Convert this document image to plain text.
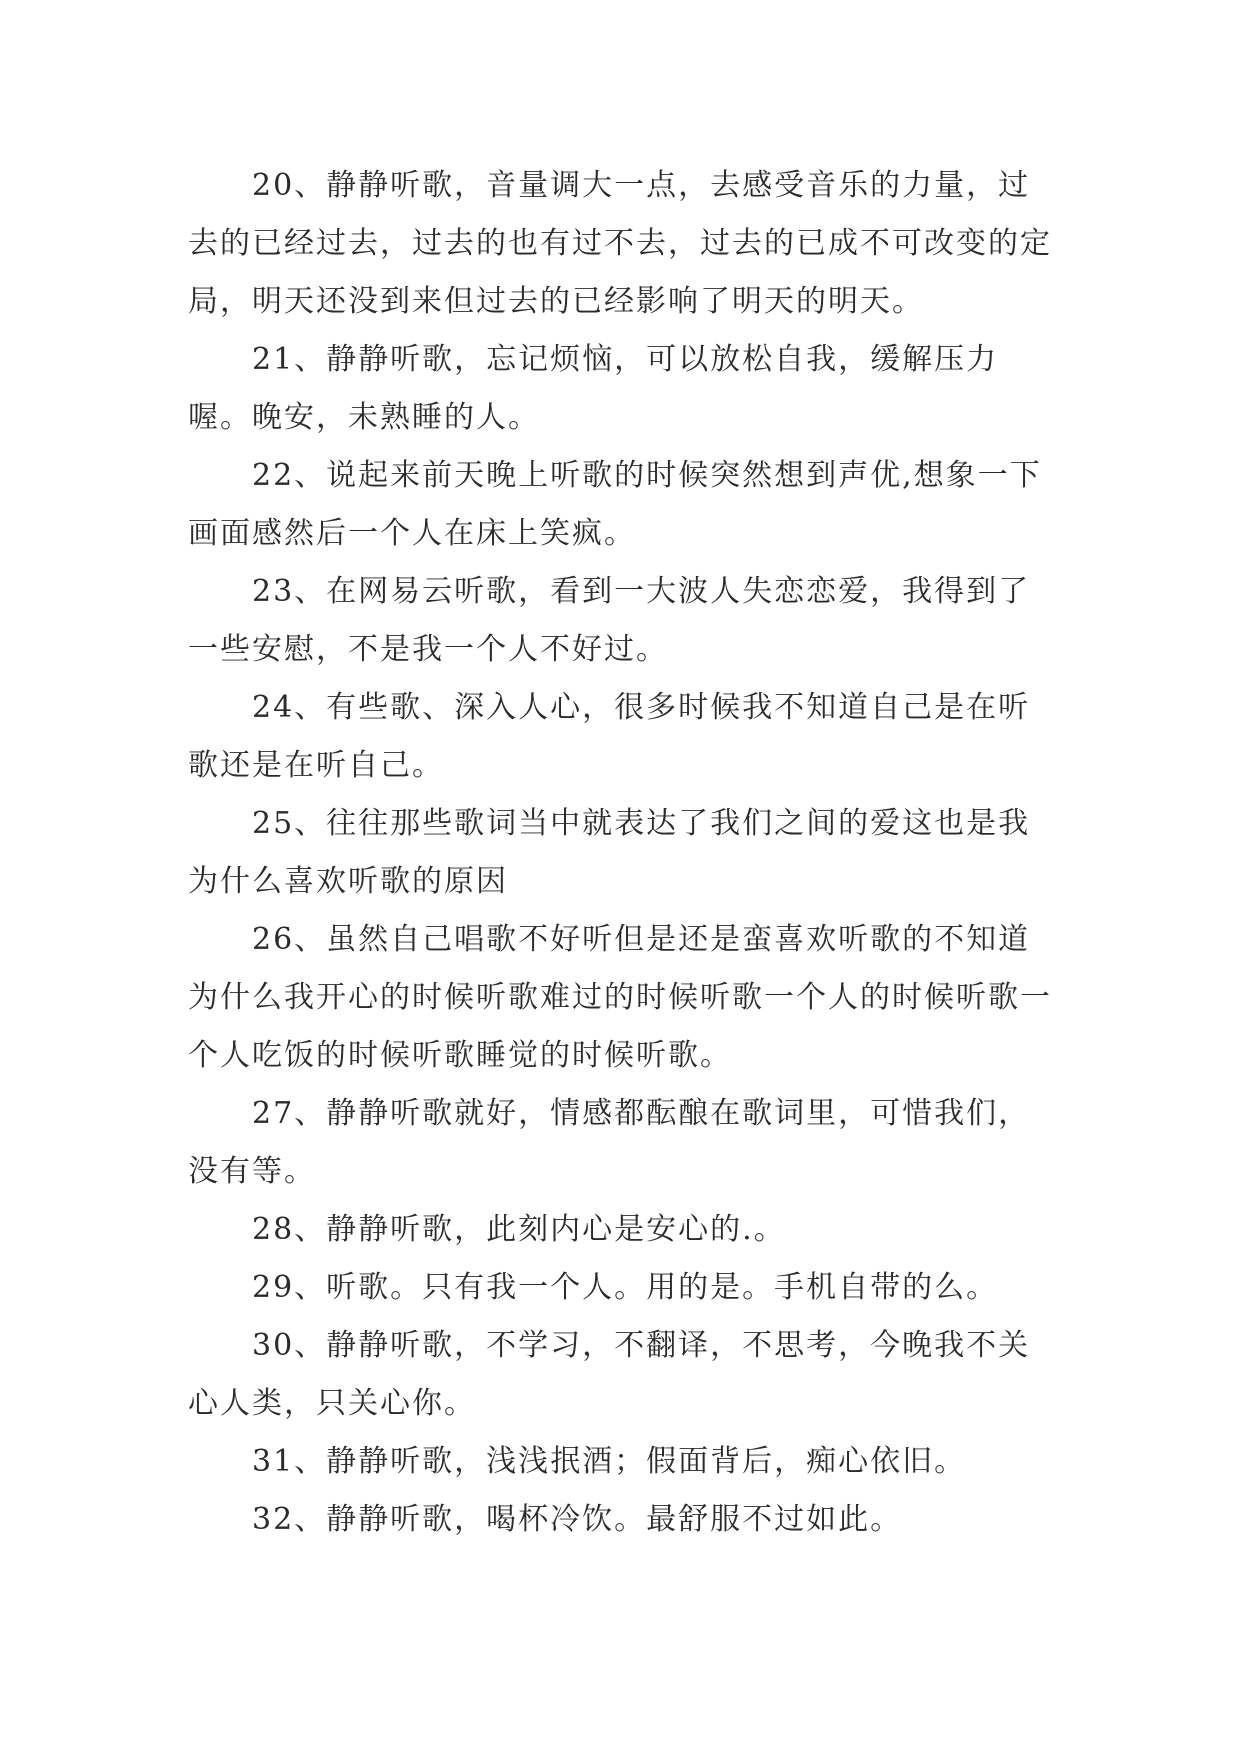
20、静静听歌，音量调大一点，去感受音乐的力量，过去的已经过去，过去的也有过不去，过去的已成不可改变的定局，明天还没到来但过去的已经影响了明天的明天。

21、静静听歌，忘记烦恼，可以放松自我，缓解压力喔。晚安，未熟睡的人。

22、说起来前天晚上听歌的时候突然想到声优,想象一下画面感然后一个人在床上笑疯。

23、在网易云听歌，看到一大波人失恋恋爱，我得到了一些安慰，不是我一个人不好过。

24、有些歌、深入人心，很多时候我不知道自己是在听歌还是在听自己。

25、往往那些歌词当中就表达了我们之间的爱这也是我为什么喜欢听歌的原因

26、虽然自己唱歌不好听但是还是蛮喜欢听歌的不知道为什么我开心的时候听歌难过的时候听歌一个人的时候听歌一个人吃饭的时候听歌睡觉的时候听歌。

27、静静听歌就好，情感都酝酿在歌词里，可惜我们，没有等。

28、静静听歌，此刻内心是安心的.。

29、听歌。只有我一个人。用的是。手机自带的么。

30、静静听歌，不学习，不翻译，不思考，今晚我不关心人类，只关心你。

31、静静听歌，浅浅抿酒；假面背后，痴心依旧。

32、静静听歌，喝杯冷饮。最舒服不过如此。
